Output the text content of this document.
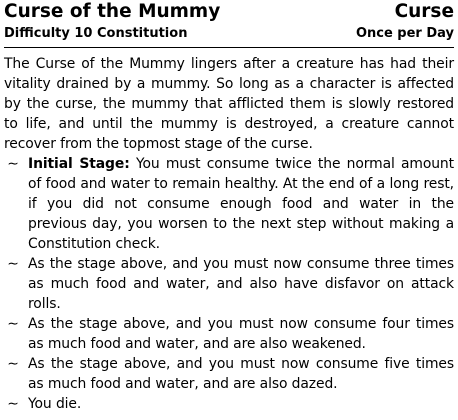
Curse of the Mummy	Curse
Difficulty 10 Constitution	Once per Day

The Curse of the Mummy lingers after a creature has had their vitality drained by a mummy. So long as a character is affected by the curse, the mummy that afflicted them is slowly restored to life, and until the mummy is destroyed, a creature cannot recover from the topmost stage of the curse.

∼ Initial Stage: You must consume twice the normal amount of food and water to remain healthy. At the end of a long rest, if you did not consume enough food and water in the previous day, you worsen to the next step without making a Constitution check.
∼ As the stage above, and you must now consume three times as much food and water, and also have disfavor on attack rolls.
∼ As the stage above, and you must now consume four times as much food and water, and are also weakened.
∼ As the stage above, and you must now consume five times as much food and water, and are also dazed.
∼ You die.
